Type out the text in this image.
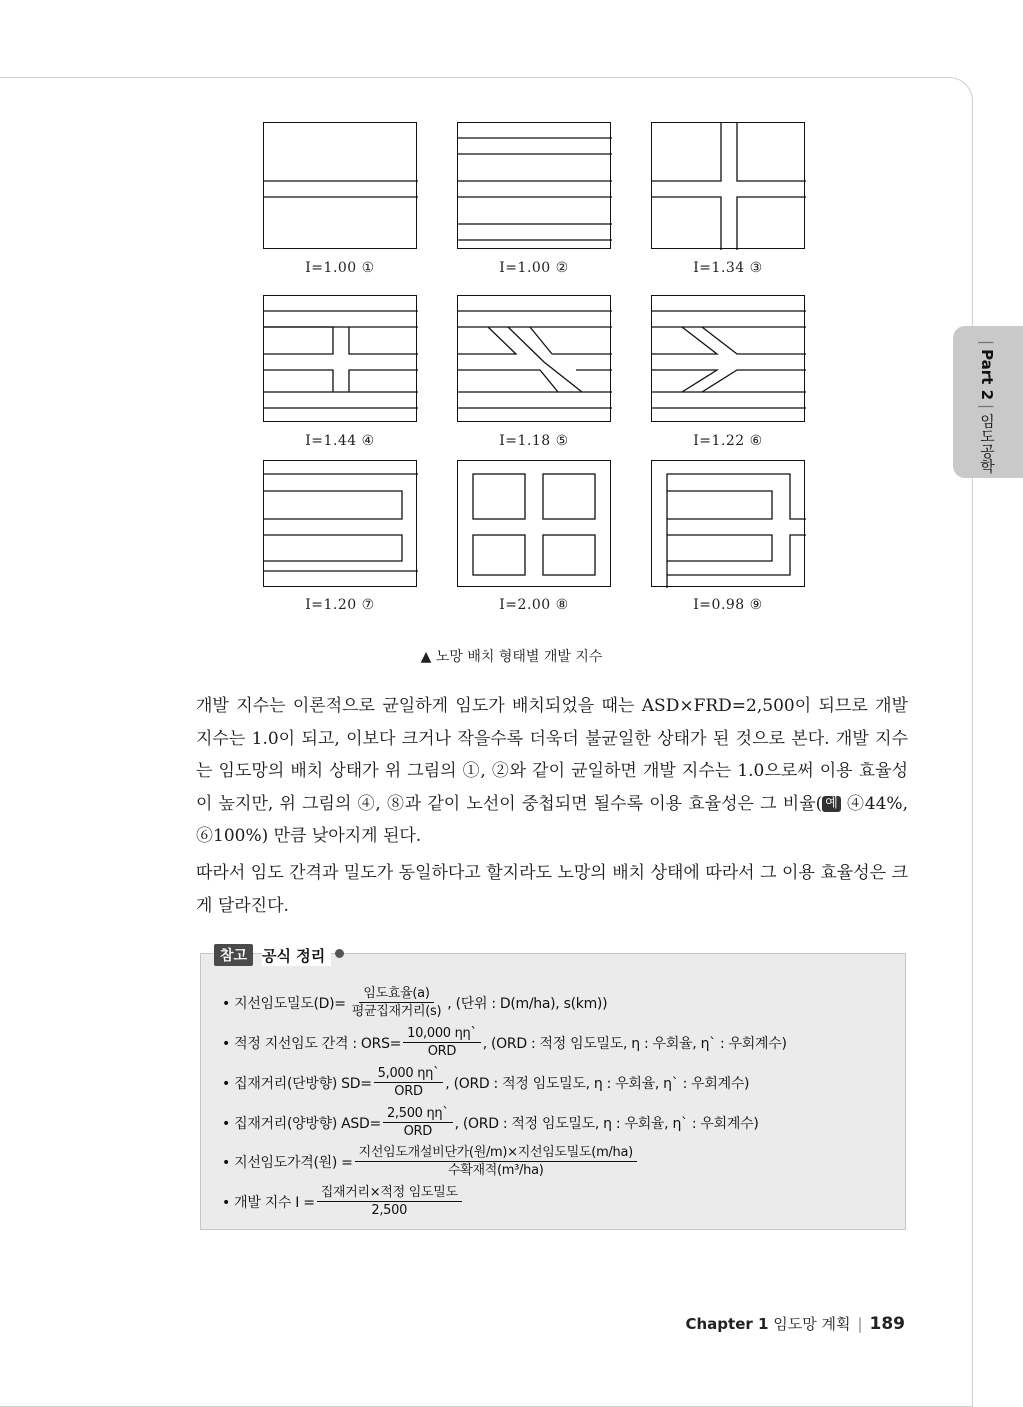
|Part 2|임도공학
I=1.00 ①	I=1.00 ②	I=1.34 ③
I=1.44 ④	I=1.18 ⑤	I=1.22 ⑥
I=1.20 ⑦	I=2.00 ⑧	I=0.98 ⑨
▲ 노망 배치 형태별 개발 지수

개발 지수는 이론적으로 균일하게 임도가 배치되었을 때는 ASD×FRD=2,500이 되므로 개발 지수는 1.0이 되고, 이보다 크거나 작을수록 더욱더 불균일한 상태가 된 것으로 본다. 개발 지수는 임도망의 배치 상태가 위 그림의 ①, ②와 같이 균일하면 개발 지수는 1.0으로써 이용 효율성이 높지만, 위 그림의 ④, ⑧과 같이 노선이 중첩되면 될수록 이용 효율성은 그 비율( 예 ④44%, ⑥100%) 만큼 낮아지게 된다.

따라서 임도 간격과 밀도가 동일하다고 할지라도 노망의 배치 상태에 따라서 그 이용 효율성은 크게 달라진다.

참고 공식 정리
• 지선임도밀도$(D)= \frac{\text{임도효율(a)}}{\text{평균집재거리(s)}}$ , (단위 : D(m/ha), s(km))
• 적정 지선임도 간격 : $ORS= \frac{10,000 \eta\eta`}{\text{ORD}}$ , (ORD : 적정 임도밀도, η : 우회율, η` : 우회계수)
• 집재거리(단방향) $SD= \frac{5,000 \eta\eta`}{\text{ORD}}$ , (ORD : 적정 임도밀도, η : 우회율, η` : 우회계수)
• 집재거리(양방향) $ASD= \frac{2,500 \eta\eta`}{\text{ORD}}$ , (ORD : 적정 임도밀도, η : 우회율, η` : 우회계수)
• 지선임도가격(원) = $\frac{\text{지선임도개설비단가(원/m)×지선임도밀도(m/ha)}}{\text{수확재적(m³/ha)}}$
• 개발 지수 $I = \frac{\text{집재거리×적정 임도밀도}}{2,500}$
Chapter 1
임도망 계획 | 189
